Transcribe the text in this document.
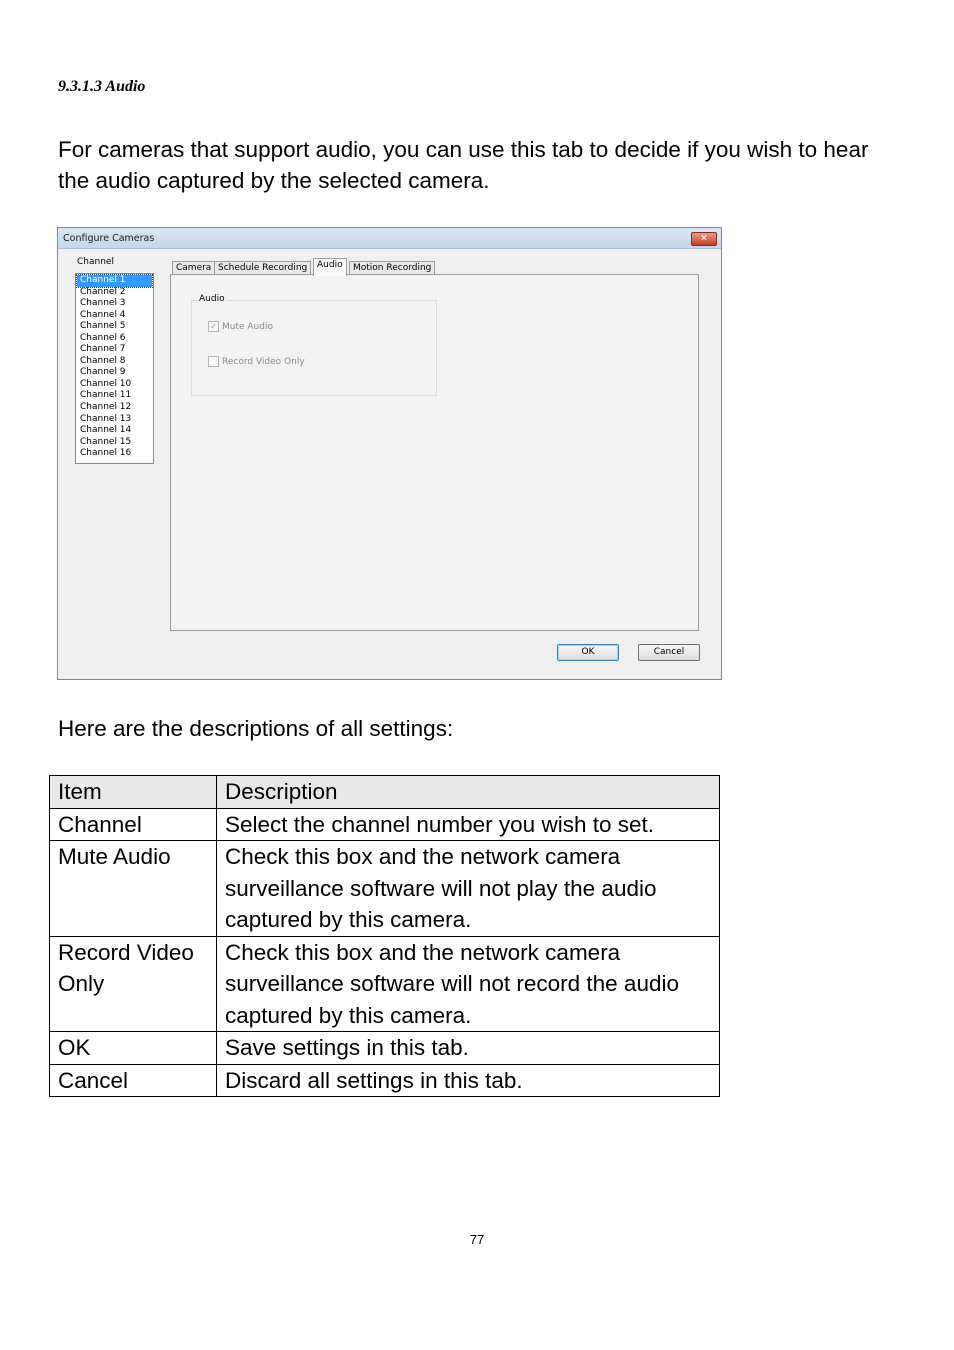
9.3.1.3 Audio
For cameras that support audio, you can use this tab to decide if you wish to hear the audio captured by the selected camera.
Configure Cameras	✕
Channel
Channel 1
Channel 2
Channel 3
Channel 4
Channel 5
Channel 6
Channel 7
Channel 8
Channel 9
Channel 10
Channel 11
Channel 12
Channel 13
Channel 14
Channel 15
Channel 16
Camera Schedule Recording	Audio	Motion Recording
Audio
✓ Mute Audio
Record Video Only
OK	Cancel
Here are the descriptions of all settings:
Item	Description
Channel	Select the channel number you wish to set.
Mute Audio	Check this box and the network camera surveillance software will not play the audio captured by this camera.
Record Video Only	Check this box and the network camera surveillance software will not record the audio captured by this camera.
OK	Save settings in this tab.
Cancel	Discard all settings in this tab.
77
